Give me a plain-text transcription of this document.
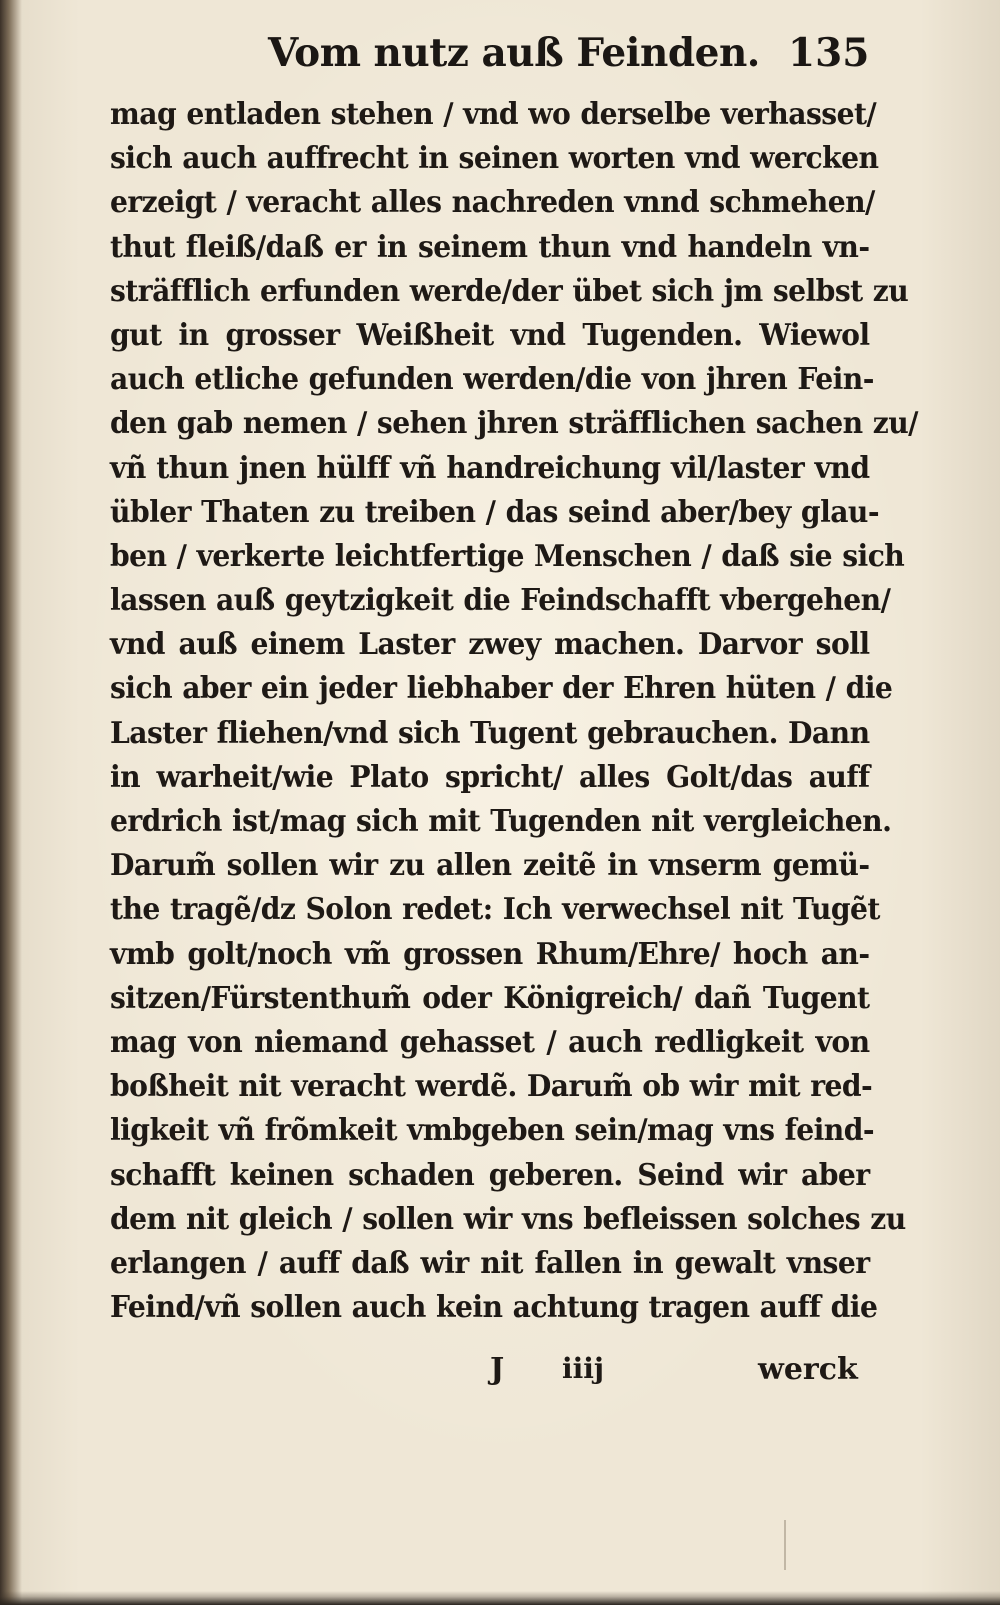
Vom nutz auß Feinden. 135
mag entladen stehen / vnd wo derselbe verhasset/
sich auch auffrecht in seinen worten vnd wercken
erzeigt / veracht alles nachreden vnnd schmehen/
thut fleiß/daß er in seinem thun vnd handeln vn-
sträfflich erfunden werde/der übet sich jm selbst zu
gut in grosser Weißheit vnd Tugenden. Wiewol
auch etliche gefunden werden/die von jhren Fein-
den gab nemen / sehen jhren sträfflichen sachen zu/
vñ thun jnen hülff vñ handreichung vil/laster vnd
übler Thaten zu treiben / das seind aber/bey glau-
ben / verkerte leichtfertige Menschen / daß sie sich
lassen auß geytzigkeit die Feindschafft vbergehen/
vnd auß einem Laster zwey machen. Darvor soll
sich aber ein jeder liebhaber der Ehren hüten / die
Laster fliehen/vnd sich Tugent gebrauchen. Dann
in warheit/wie Plato spricht/ alles Golt/das auff
erdrich ist/mag sich mit Tugenden nit vergleichen.
Darum̃ sollen wir zu allen zeitẽ in vnserm gemü-
the tragẽ/dz Solon redet: Ich verwechsel nit Tugẽt
vmb golt/noch vm̃ grossen Rhum/Ehre/ hoch an-
sitzen/Fürstenthum̃ oder Königreich/ dañ Tugent
mag von niemand gehasset / auch redligkeit von
boßheit nit veracht werdẽ. Darum̃ ob wir mit red-
ligkeit vñ frõmkeit vmbgeben sein/mag vns feind-
schafft keinen schaden geberen. Seind wir aber
dem nit gleich / sollen wir vns befleissen solches zu
erlangen / auff daß wir nit fallen in gewalt vnser
Feind/vñ sollen auch kein achtung tragen auff die
J iiij	werck
